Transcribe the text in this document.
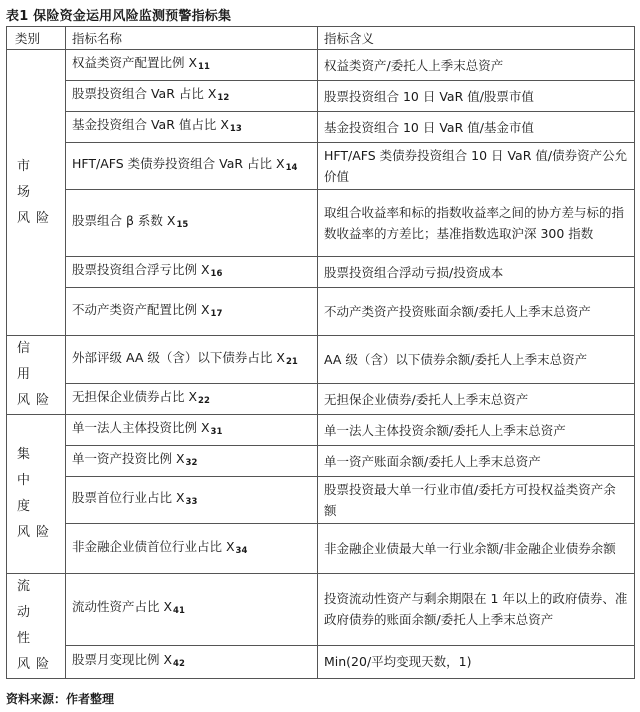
表1 保险资金运用风险监测预警指标集
类别	指标名称	指标含义
市 场 风险	权益类资产配置比例 $X_{11}$	权益类资产/委托人上季末总资产
	股票投资组合 VaR 占比 $X_{12}$	股票投资组合 10 日 VaR 值/股票市值
	基金投资组合 VaR 值占比 $X_{13}$	基金投资组合 10 日 VaR 值/基金市值
	HFT/AFS 类债券投资组合 VaR 占比 $X_{14}$	HFT/AFS 类债券投资组合 10 日 VaR 值/债券资产公允价值
	股票组合 β 系数 $X_{15}$	取组合收益率和标的指数收益率之间的协方差与标的指数收益率的方差比；基准指数选取沪深 300 指数
	股票投资组合浮亏比例 $X_{16}$	股票投资组合浮动亏损/投资成本
	不动产类资产配置比例 $X_{17}$	不动产类资产投资账面余额/委托人上季末总资产
信 用 风险	外部评级 AA 级（含）以下债券占比 $X_{21}$	AA 级（含）以下债券余额/委托人上季末总资产
	无担保企业债券占比 $X_{22}$	无担保企业债券/委托人上季末总资产
集 中 度 风险	单一法人主体投资比例 $X_{31}$	单一法人主体投资余额/委托人上季末总资产
	单一资产投资比例 $X_{32}$	单一资产账面余额/委托人上季末总资产
	股票首位行业占比 $X_{33}$	股票投资最大单一行业市值/委托方可投权益类资产余额
	非金融企业债首位行业占比 $X_{34}$	非金融企业债最大单一行业余额/非金融企业债券余额
流 动 性 风险	流动性资产占比 $X_{41}$	投资流动性资产与剩余期限在 1 年以上的政府债券、准政府债券的账面余额/委托人上季末总资产
	股票月变现比例 $X_{42}$	Min(20/平均变现天数，1)
资料来源：作者整理
